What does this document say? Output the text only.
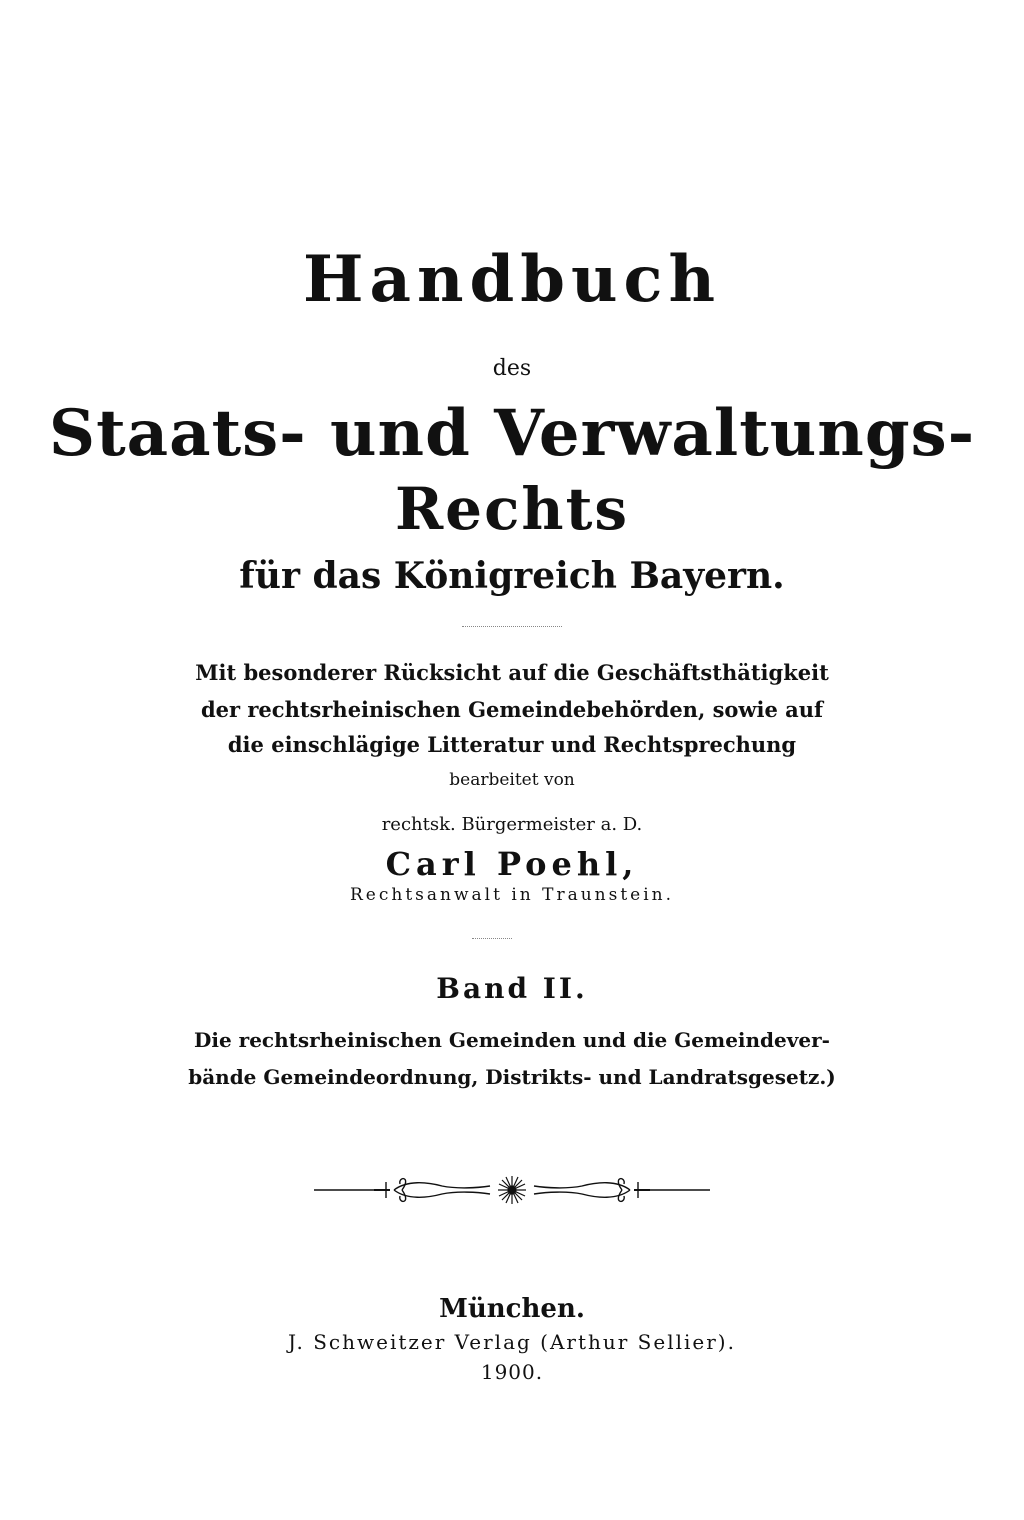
Handbuch
des
Staats- und Verwaltungs-
Rechts
für das Königreich Bayern.
Mit besonderer Rücksicht auf die Geschäftsthätigkeit
der rechtsrheinischen Gemeindebehörden, sowie auf
die einschlägige Litteratur und Rechtsprechung
bearbeitet von
rechtsk. Bürgermeister a. D.
Carl Poehl,
Rechtsanwalt in Traunstein.
Band II.
Die rechtsrheinischen Gemeinden und die Gemeindever-
bände Gemeindeordnung, Distrikts- und Landratsgesetz.)
München.
J. Schweitzer Verlag (Arthur Sellier).
1900.
